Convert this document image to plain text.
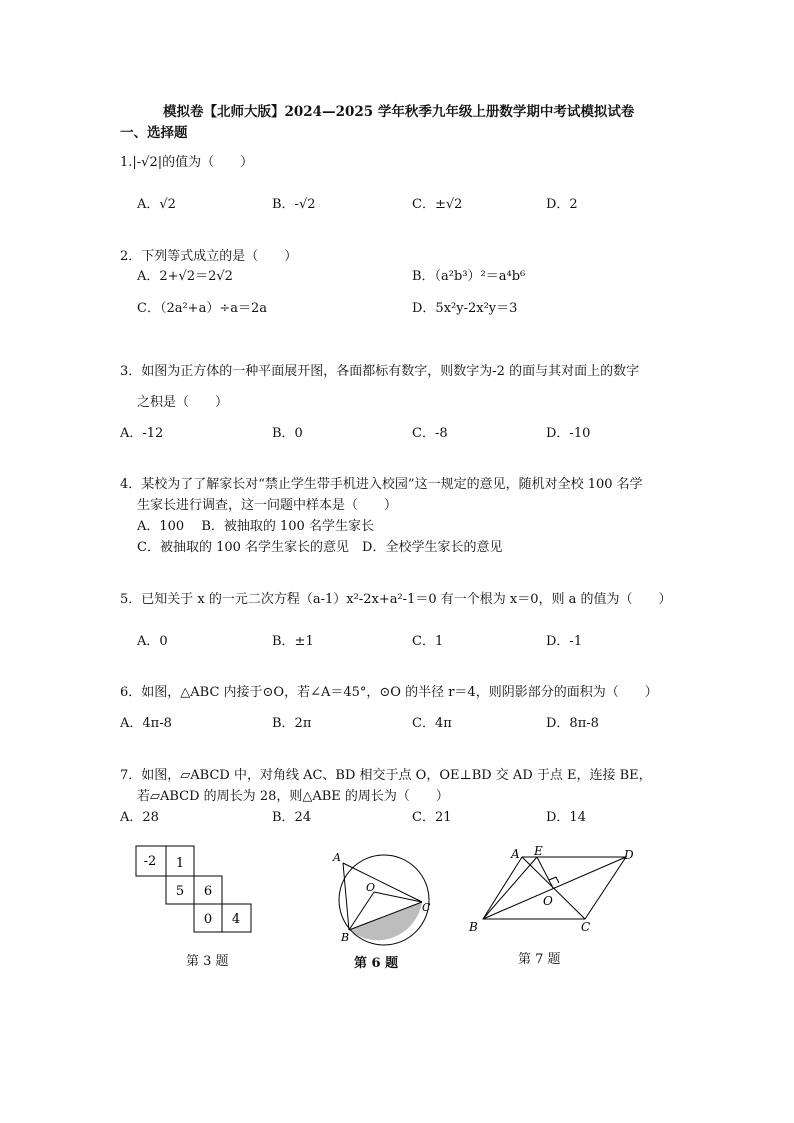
模拟卷【北师大版】2024—2025 学年秋季九年级上册数学期中考试模拟试卷
一、选择题
1.|-√2|的值为（　　）
A．√2	B．-√2	C．±√2	D．2
2．下列等式成立的是（　　）
A．2+√2＝2√2	B．（a²b³）²＝a⁴b⁶
C．（2a²+a）÷a＝2a	D．5x²y-2x²y＝3
3．如图为正方体的一种平面展开图，各面都标有数字，则数字为-2 的面与其对面上的数字
之积是（　　）
A．-12	B．0	C．-8	D．-10
4．某校为了了解家长对“禁止学生带手机进入校园”这一规定的意见，随机对全校 100 名学
生家长进行调查，这一问题中样本是（　　）
A．100　 B．被抽取的 100 名学生家长
C．被抽取的 100 名学生家长的意见　D．全校学生家长的意见
5．已知关于 x 的一元二次方程（a-1）x²-2x+a²-1＝0 有一个根为 x＝0，则 a 的值为（　　）
A．0	B．±1	C．1	D．-1
6．如图，△ABC 内接于⊙O，若∠A＝45°，⊙O 的半径 r＝4，则阴影部分的面积为（　　）
A．4π-8	B．2π	C．4π	D．8π-8
7．如图，▱ABCD 中，对角线 AC、BD 相交于点 O，OE⊥BD 交 AD 于点 E，连接 BE，
若▱ABCD 的周长为 28，则△ABE 的周长为（　　）
A．28	B．24	C．21	D．14
-2 1
5 6
0 4
第 3 题
A
O
B
C
第 6 题
A E	D
O
B	C
第 7 题
